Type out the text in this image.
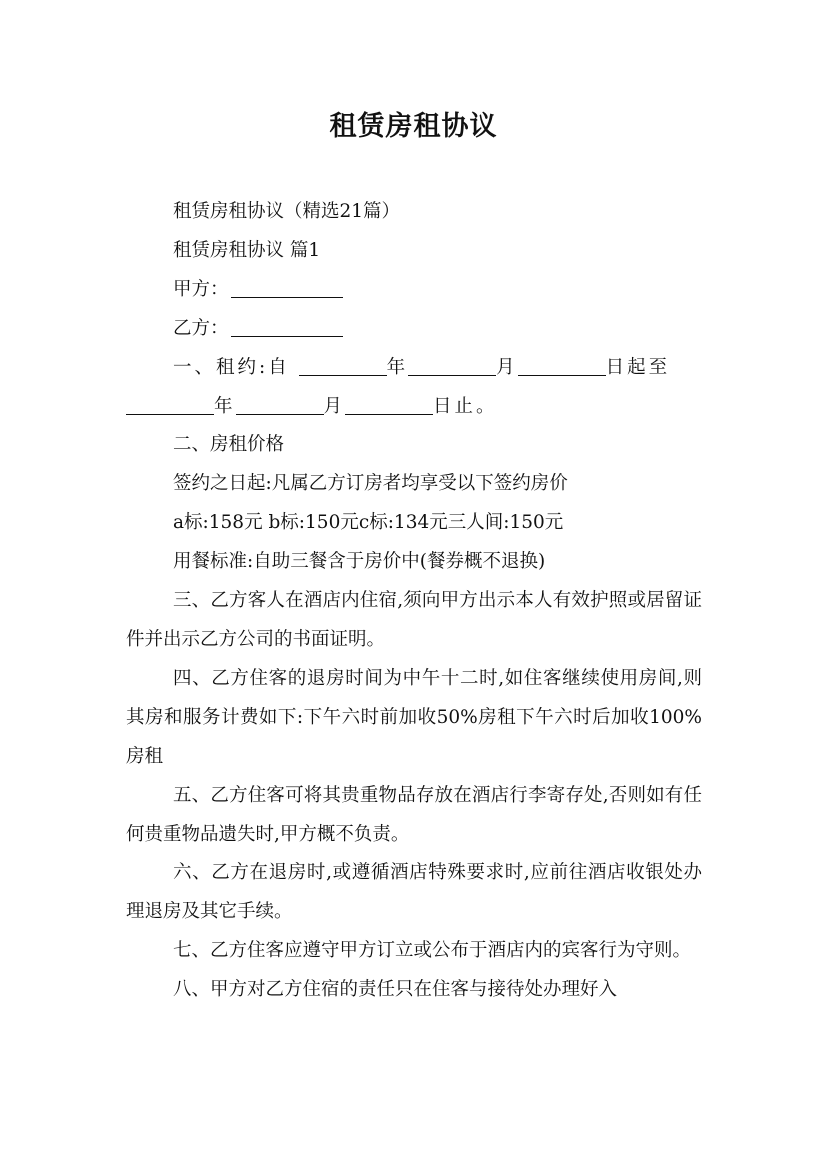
租赁房租协议

租赁房租协议（精选21篇）

租赁房租协议 篇1

甲方：

乙方：

一、租约:自	年	月	日起至年	月	日止。

二、房租价格

签约之日起:凡属乙方订房者均享受以下签约房价

a标:158元 b标:150元c标:134元三人间:150元

用餐标准:自助三餐含于房价中(餐券概不退换)

三、乙方客人在酒店内住宿,须向甲方出示本人有效护照或居留证件并出示乙方公司的书面证明。

四、乙方住客的退房时间为中午十二时,如住客继续使用房间,则其房和服务计费如下:下午六时前加收50%房租下午六时后加收100%房租

五、乙方住客可将其贵重物品存放在酒店行李寄存处,否则如有任何贵重物品遗失时,甲方概不负责。

六、乙方在退房时,或遵循酒店特殊要求时,应前往酒店收银处办理退房及其它手续。

七、乙方住客应遵守甲方订立或公布于酒店内的宾客行为守则。

八、甲方对乙方住宿的责任只在住客与接待处办理好入
